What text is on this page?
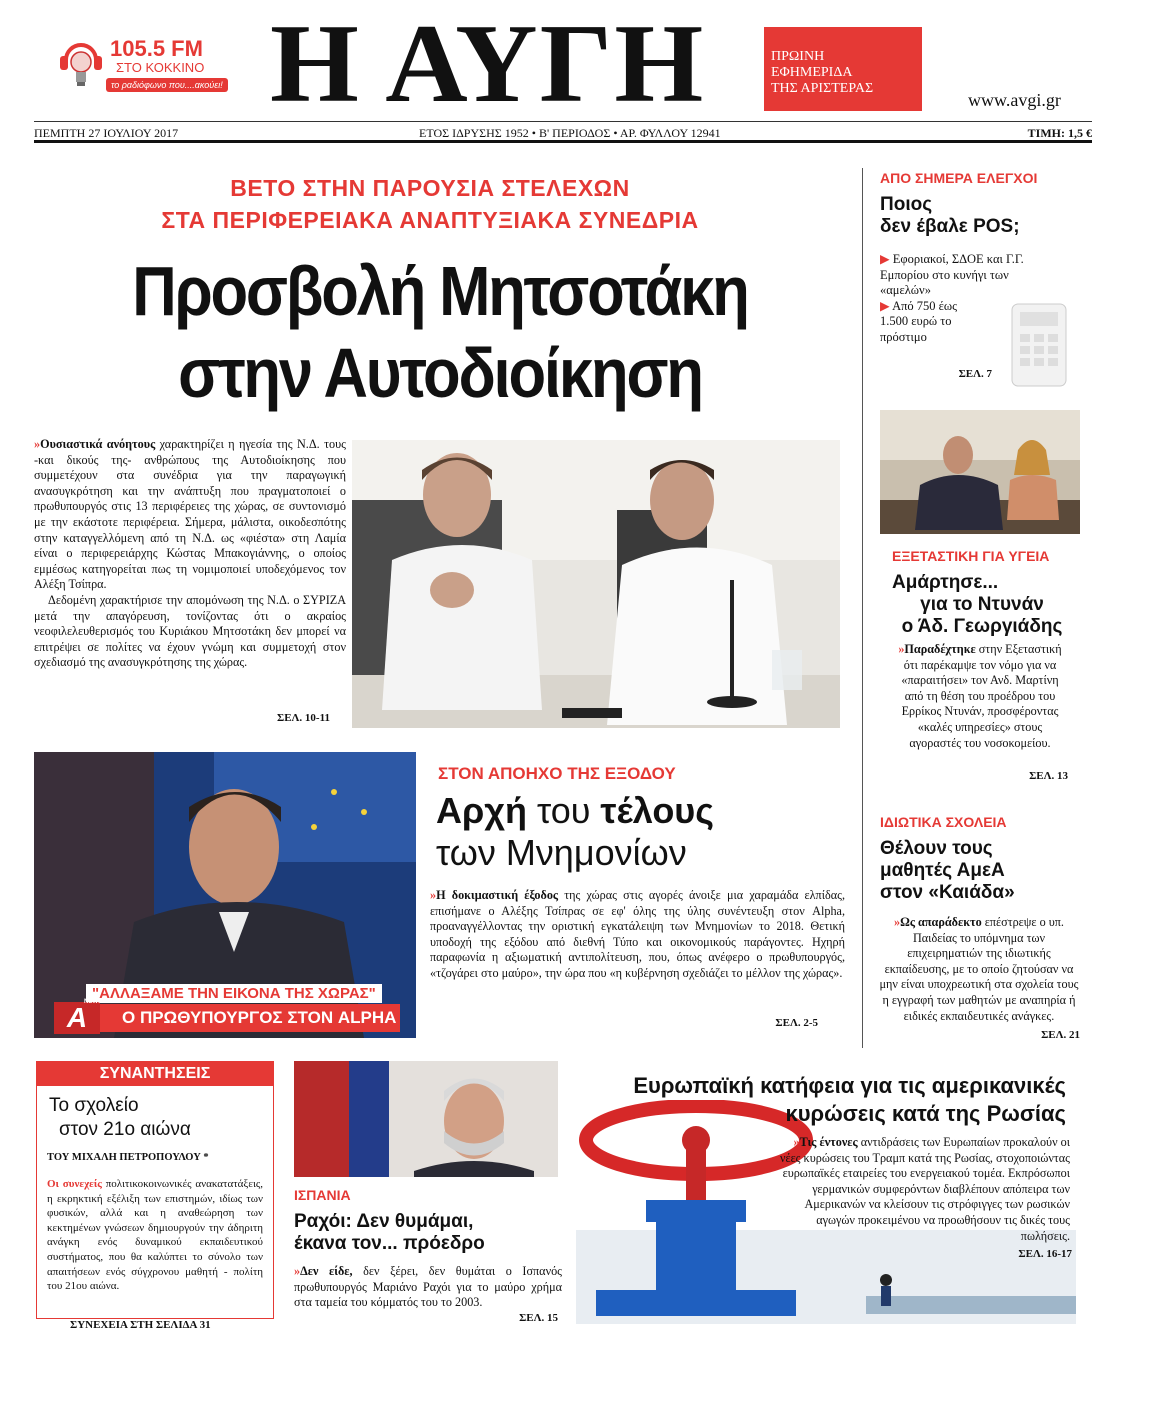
105.5 FM
ΣΤΟ ΚΟΚΚΙΝΟ
το ραδιόφωνο που....ακούει! Η ΑΥΓΗ	ΠΡΩΙΝΗ
ΕΦΗΜΕΡΙΔΑ
ΤΗΣ ΑΡΙΣΤΕΡΑΣ
www.avgi.gr
ΠΕΜΠΤΗ 27 ΙΟΥΛΙΟΥ 2017	ΕΤΟΣ ΙΔΡΥΣΗΣ 1952 • Β' ΠΕΡΙΟΔΟΣ • ΑΡ. ΦΥΛΛΟΥ 12941	ΤΙΜΗ: 1,5 €
ΒΕΤΟ ΣΤΗΝ ΠΑΡΟΥΣΙΑ ΣΤΕΛΕΧΩΝ
ΣΤΑ ΠΕΡΙΦΕΡΕΙΑΚΑ ΑΝΑΠΤΥΞΙΑΚΑ ΣΥΝΕΔΡΙΑ
Προσβολή Μητσοτάκη
στην Αυτοδιοίκηση

»Ουσιαστικά ανόητους χαρακτηρίζει η ηγεσία της Ν.Δ. τους -και δικούς της- ανθρώπους της Αυτοδιοίκησης που συμμετέχουν στα συνέδρια για την παραγωγική ανασυγκρότηση και την ανάπτυξη που πραγματοποιεί ο πρωθυπουργός στις 13 περιφέρειες της χώρας, σε συντονισμό με την εκάστοτε περιφέρεια. Σήμερα, μάλιστα, οικοδεσπότης στην καταγγελλόμενη από τη Ν.Δ. ως «φιέστα» στη Λαμία είναι ο περιφερειάρχης Κώστας Μπακογιάννης, ο οποίος εμμέσως κατηγορείται πως τη νομιμοποιεί υποδεχόμενος τον Αλέξη Τσίπρα.

Δεδομένη χαρακτήρισε την απομόνωση της Ν.Δ. ο ΣΥΡΙΖΑ μετά την απαγόρευση, τονίζοντας ότι ο ακραίος νεοφιλελευθερισμός του Κυριάκου Μητσοτάκη δεν μπορεί να επιτρέψει σε πολίτες να έχουν γνώμη και συμμετοχή στον σχεδιασμό της ανασυγκρότησης της χώρας.

ΣΕΛ. 10-11
"ΑΛΛΑΞΑΜΕ ΤΗΝ ΕΙΚΟΝΑ ΤΗΣ ΧΩΡΑΣ"
Ο ΠΡΩΘΥΠΟΥΡΓΟΣ ΣΤΟΝ ALPHA
A
NEWS
ΣΤΟΝ ΑΠΟΗΧΟ ΤΗΣ ΕΞΟΔΟΥ
Αρχή του τέλους
των Μνημονίων
»Η δοκιμαστική έξοδος της χώρας στις αγορές άνοιξε μια χαραμάδα ελπίδας, επισήμανε ο Αλέξης Τσίπρας σε εφ' όλης της ύλης συνέντευξη στον Alpha, προαναγγέλλοντας την οριστική εγκατάλειψη των Μνημονίων το 2018. Θετική υποδοχή της εξόδου από διεθνή Τύπο και οικονομικούς παράγοντες. Ηχηρή παραφωνία η αξιωματική αντιπολίτευση, που, όπως ανέφερο ο πρωθυπουργός, «τζογάρει στο μαύρο», την ώρα που «η κυβέρνηση σχεδιάζει το μέλλον της χώρας».
ΣΕΛ. 2-5
ΑΠΟ ΣΗΜΕΡΑ ΕΛΕΓΧΟΙ
Ποιος
δεν έβαλε POS;

▶ Εφοριακοί, ΣΔΟΕ και Γ.Γ. Εμπορίου στο κυνήγι των «αμελών»

▶ Από 750 έως 1.500 ευρώ το πρόστιμο

ΣΕΛ. 7
ΕΞΕΤΑΣΤΙΚΗ ΓΙΑ ΥΓΕΙΑ
Αμάρτησε...
για το Ντυνάν
ο Άδ. Γεωργιάδης
»Παραδέχτηκε στην Εξεταστική ότι παρέκαμψε τον νόμο για να «παραιτήσει» τον Ανδ. Μαρτίνη από τη θέση του προέδρου του Ερρίκος Ντυνάν, προσφέροντας «καλές υπηρεσίες» στους αγοραστές του νοσοκομείου.
ΣΕΛ. 13
ΙΔΙΩΤΙΚΑ ΣΧΟΛΕΙΑ
Θέλουν τους
μαθητές ΑμεΑ
στον «Καιάδα»
»Ως απαράδεκτο επέστρεψε ο υπ. Παιδείας το υπόμνημα των επιχειρηματιών της ιδιωτικής εκπαίδευσης, με το οποίο ζητούσαν να μην είναι υποχρεωτική στα σχολεία τους η εγγραφή των μαθητών με αναπηρία ή ειδικές εκπαιδευτικές ανάγκες.
ΣΕΛ. 21
ΣΥΝΑΝΤΗΣΕΙΣ
Το σχολείο
στον 21ο αιώνα
ΤΟΥ ΜΙΧΑΛΗ ΠΕΤΡΟΠΟΥΛΟΥ *
Οι συνεχείς πολιτικοκοινωνικές ανακατατάξεις, η εκρηκτική εξέλιξη των επιστημών, ιδίως των φυσικών, αλλά και η αναθεώρηση των κεκτημένων γνώσεων δημιουργούν την άδηριτη ανάγκη ενός δυναμικού εκπαιδευτικού συστήματος, που θα καλύπτει το σύνολο των απαιτήσεων ενός σύγχρονου μαθητή - πολίτη του 21ου αιώνα.
ΣΥΝΕΧΕΙΑ ΣΤΗ ΣΕΛΙΔΑ 31
ΙΣΠΑΝΙΑ
Ραχόι: Δεν θυμάμαι,
έκανα τον... πρόεδρο
»Δεν είδε, δεν ξέρει, δεν θυμάται ο Ισπανός πρωθυπουργός Μαριάνο Ραχόι για το μαύρο χρήμα στα ταμεία του κόμματός του το 2003.
ΣΕΛ. 15
Ευρωπαϊκή κατήφεια για τις αμερικανικές
κυρώσεις κατά της Ρωσίας
»Τις έντονες αντιδράσεις των Ευρωπαίων προκαλούν οι νέες κυρώσεις του Τραμπ κατά της Ρωσίας, στοχοποιώντας ευρωπαϊκές εταιρείες του ενεργειακού τομέα. Εκπρόσωποι γερμανικών συμφερόντων διαβλέπουν απόπειρα των Αμερικανών να κλείσουν τις στρόφιγγες των ρωσικών αγωγών προκειμένου να προωθήσουν τις δικές τους πωλήσεις.
ΣΕΛ. 16-17
